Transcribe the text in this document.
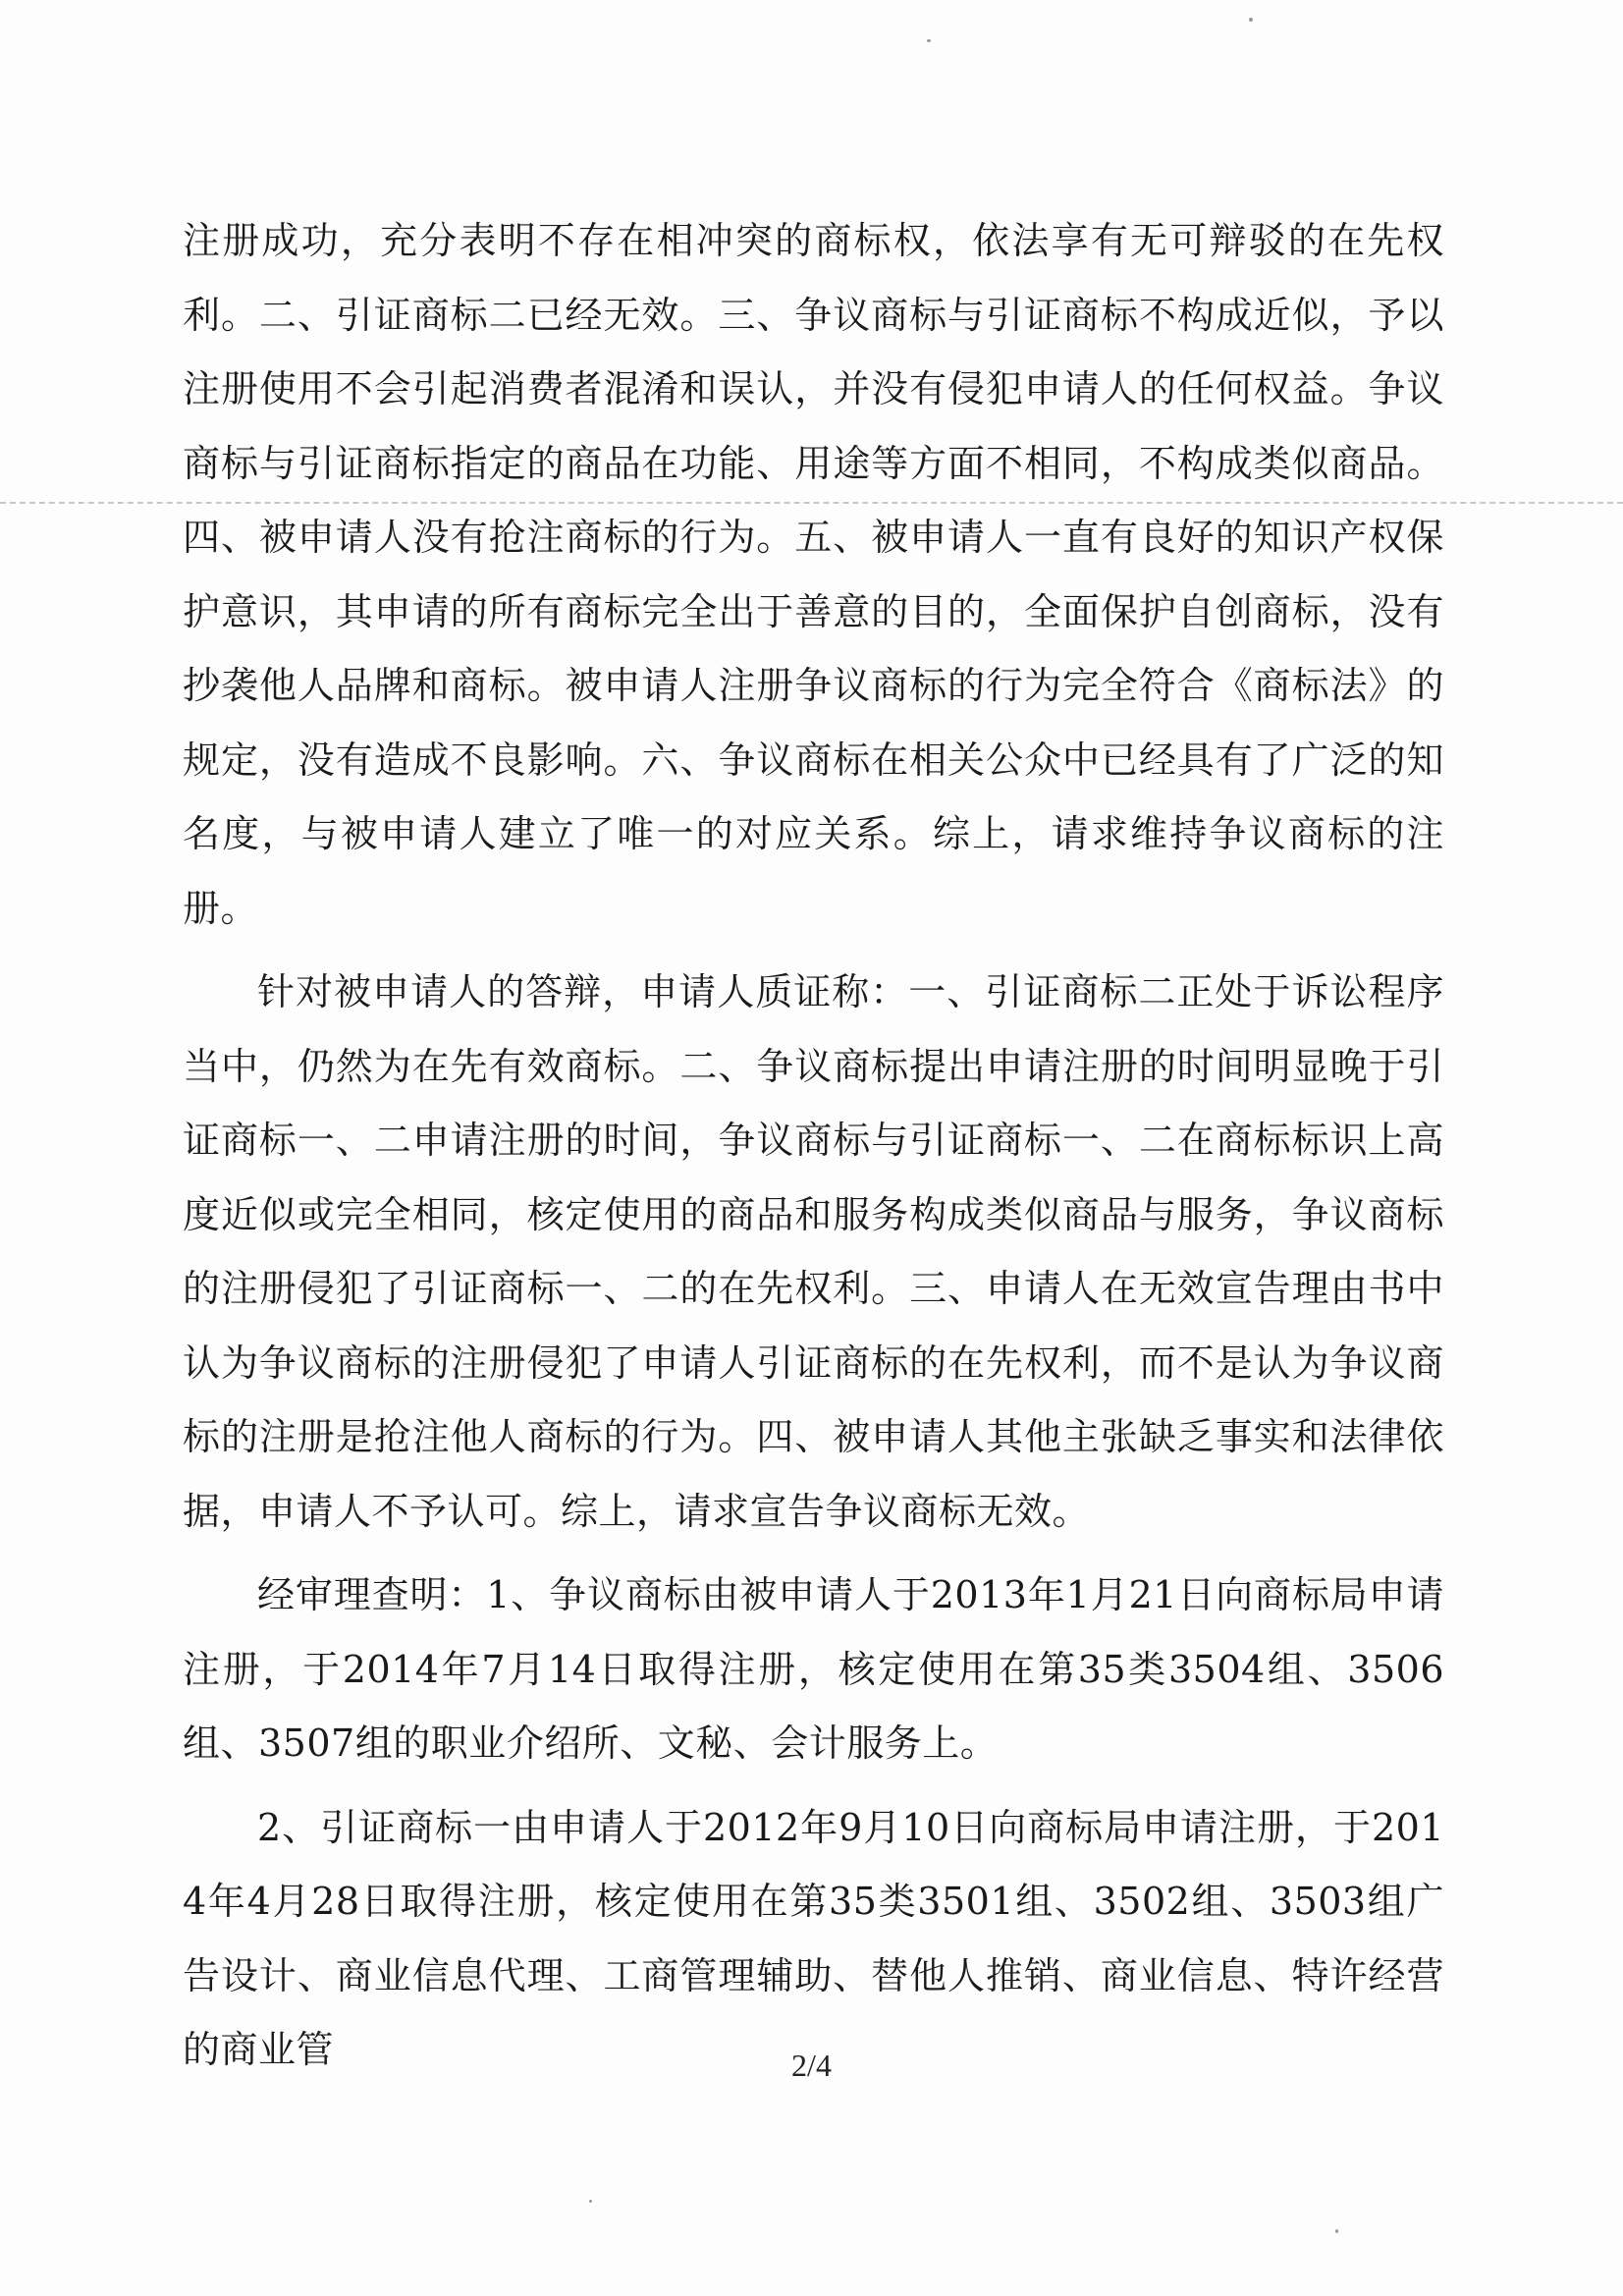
注册成功，充分表明不存在相冲突的商标权，依法享有无可辩驳的在先权利。二、引证商标二已经无效。三、争议商标与引证商标不构成近似，予以注册使用不会引起消费者混淆和误认，并没有侵犯申请人的任何权益。争议商标与引证商标指定的商品在功能、用途等方面不相同，不构成类似商品。四、被申请人没有抢注商标的行为。五、被申请人一直有良好的知识产权保护意识，其申请的所有商标完全出于善意的目的，全面保护自创商标，没有抄袭他人品牌和商标。被申请人注册争议商标的行为完全符合《商标法》的规定，没有造成不良影响。六、争议商标在相关公众中已经具有了广泛的知名度，与被申请人建立了唯一的对应关系。综上，请求维持争议商标的注册。

针对被申请人的答辩，申请人质证称：一、引证商标二正处于诉讼程序当中，仍然为在先有效商标。二、争议商标提出申请注册的时间明显晚于引证商标一、二申请注册的时间，争议商标与引证商标一、二在商标标识上高度近似或完全相同，核定使用的商品和服务构成类似商品与服务，争议商标的注册侵犯了引证商标一、二的在先权利。三、申请人在无效宣告理由书中认为争议商标的注册侵犯了申请人引证商标的在先权利，而不是认为争议商标的注册是抢注他人商标的行为。四、被申请人其他主张缺乏事实和法律依据，申请人不予认可。综上，请求宣告争议商标无效。

经审理查明：1、争议商标由被申请人于2013年1月21日向商标局申请注册，于2014年7月14日取得注册，核定使用在第35类3504组、3506组、3507组的职业介绍所、文秘、会计服务上。

2、引证商标一由申请人于2012年9月10日向商标局申请注册，于2014年4月28日取得注册，核定使用在第35类3501组、3502组、3503组广告设计、商业信息代理、工商管理辅助、替他人推销、商业信息、特许经营的商业管	2/4
